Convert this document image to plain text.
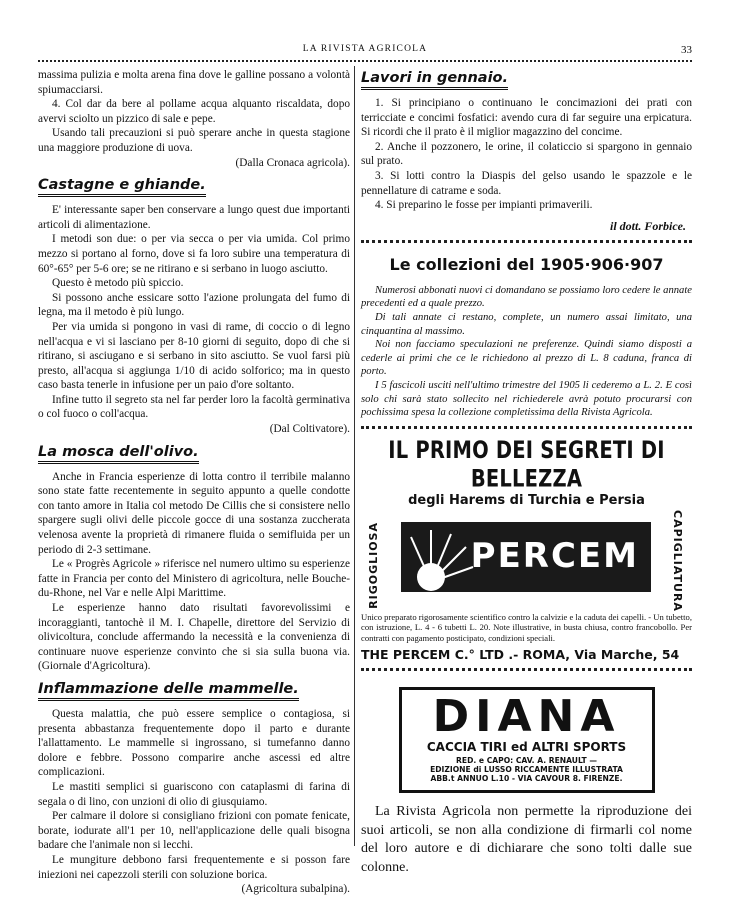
LA RIVISTA AGRICOLA	33

massima pulizia e molta arena fina dove le galline possano a volontà spiumacciarsi.

4. Col dar da bere al pollame acqua alquanto riscaldata, dopo avervi sciolto un pizzico di sale e pepe.

Usando tali precauzioni si può sperare anche in questa stagione una maggiore produzione di uova.

(Dalla Cronaca agricola).

Castagne e ghiande.

E' interessante saper ben conservare a lungo quest due importanti articoli di alimentazione.

I metodi son due: o per via secca o per via umida. Col primo mezzo si portano al forno, dove si fa loro subire una temperatura di 60°-65° per 5-6 ore; se ne ritirano e si serbano in luogo asciutto.

Questo è metodo più spiccio.

Si possono anche essicare sotto l'azione prolungata del fumo di legna, ma il metodo è più lungo.

Per via umida si pongono in vasi di rame, di coccio o di legno nell'acqua e vi si lasciano per 8-10 giorni di seguito, dopo di che si ritirano, si asciugano e si serbano in sito asciutto. Se vuol farsi più presto, all'acqua si aggiunga 1/10 di acido solforico; ma in questo caso basta tenerle in infusione per un paio d'ore soltanto.

Infine tutto il segreto sta nel far perder loro la facoltà germinativa o col fuoco o coll'acqua.

(Dal Coltivatore).

La mosca dell'olivo.

Anche in Francia esperienze di lotta contro il terribile malanno sono state fatte recentemente in seguito appunto a quelle condotte con tanto amore in Italia col metodo De Cillis che si consistere nello spargere sugli olivi delle piccole gocce di una sostanza zuccherata velenosa avente la proprietà di rimanere fluida o semifluida per un periodo di 2-3 settimane.

Le « Progrès Agricole » riferisce nel numero ultimo su esperienze fatte in Francia per conto del Ministero di agricoltura, nelle Bouche-du-Rhone, nel Var e nelle Alpi Marittime.

Le esperienze hanno dato risultati favorevolissimi e incoraggianti, tantochè il M. I. Chapelle, direttore del Servizio di olivicoltura, conclude affermando la necessità e la convenienza di continuare nuove esperienze convinto che si sia sulla buona via. (Giornale d'Agricoltura).

Inflammazione delle mammelle.

Questa malattia, che può essere semplice o contagiosa, si presenta abbastanza frequentemente dopo il parto e durante l'allattamento. Le mammelle si ingrossano, si tumefanno danno dolore e febbre. Possono comparire anche ascessi ed altre complicazioni.

Le mastiti semplici si guariscono con cataplasmi di farina di segala o di lino, con unzioni di olio di giusquiamo.

Per calmare il dolore si consigliano frizioni con pomate fenicate, borate, iodurate all'1 per 10, nell'applicazione delle quali bisogna badare che l'animale non si lecchi.

Le mungiture debbono farsi frequentemente e si posson fare iniezioni nei capezzoli sterili con soluzione borica.

(Agricoltura subalpina).

Lavori in gennaio.

1. Si principiano o continuano le concimazioni dei prati con terricciate e concimi fosfatici: avendo cura di far seguire una erpicatura. Si ricordi che il prato è il miglior magazzino del concime.

2. Anche il pozzonero, le orine, il colaticcio si spargono in gennaio sul prato.

3. Si lotti contro la Diaspis del gelso usando le spazzole e le pennellature di catrame e soda.

4. Si preparino le fosse per impianti primaverili.

il dott. Forbice.
Le collezioni del 1905·906·907

Numerosi abbonati nuovi ci domandano se possiamo loro cedere le annate precedenti ed a quale prezzo.

Di tali annate ci restano, complete, un numero assai limitato, una cinquantina al massimo.

Noi non facciamo speculazioni ne preferenze. Quindi siamo disposti a cederle ai primi che ce le richiedono al prezzo di L. 8 caduna, franca di porto.

I 5 fascicoli usciti nell'ultimo trimestre del 1905 li cederemo a L. 2. E così solo chi sarà stato sollecito nel richiederele avrà potuto procurarsi con pochissima spesa la collezione completissima della Rivista Agricola.

IL PRIMO DEI SEGRETI DI BELLEZZA
degli Harems di Turchia e Persia
RIGOGLIOSA	PERCEM	CAPIGLIATURA

Unico preparato rigorosamente scientifico contro la calvizie e la caduta dei capelli. - Un tubetto, con istruzione, L. 4 - 6 tubetti L. 20. Note illustrative, in busta chiusa, contro francobollo. Per contratti con pagamento posticipato, condizioni speciali.

THE PERCEM C.° LTD .- ROMA, Via Marche, 54
DIANA
CACCIA TIRI ed ALTRI SPORTS
RED. e CAPO: CAV. A. RENAULT —
EDIZIONE di LUSSO RICCAMENTE ILLUSTRATA
ABB.t ANNUO L.10 - VIA CAVOUR 8. FIRENZE.

La Rivista Agricola non permette la riproduzione dei suoi articoli, se non alla condizione di firmarli col nome del loro autore e di dichiarare che sono tolti dalle sue colonne.
